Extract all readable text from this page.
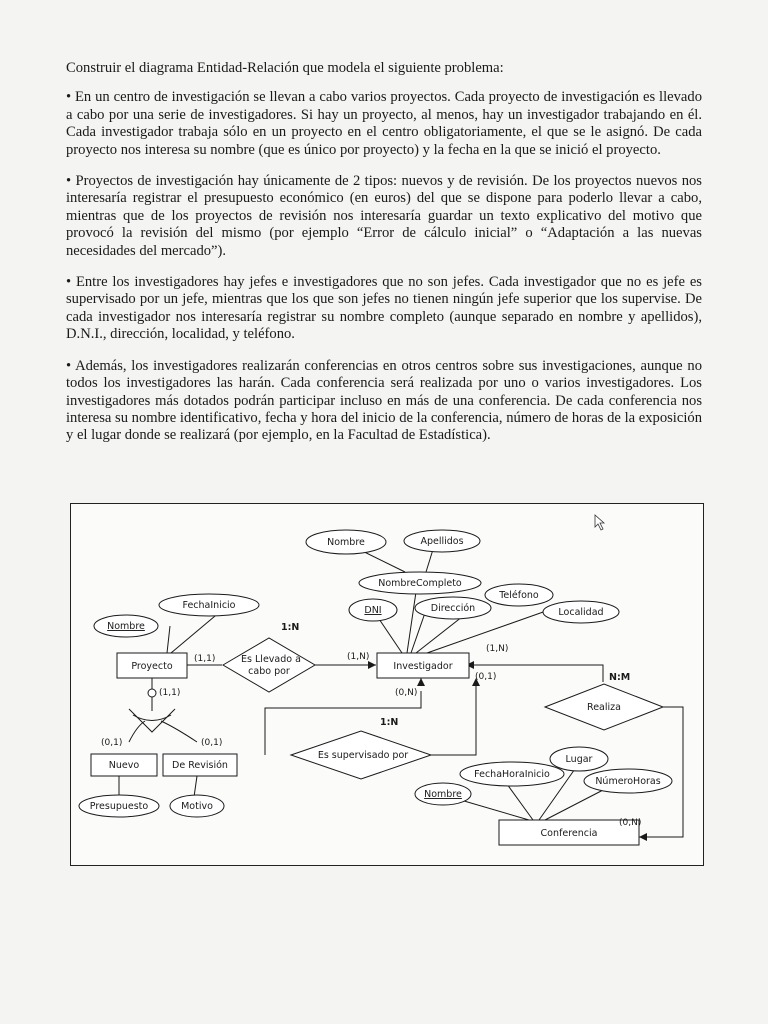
Construir el diagrama Entidad-Relación que modela el siguiente problema:

• En un centro de investigación se llevan a cabo varios proyectos. Cada proyecto de investigación es llevado a cabo por una serie de investigadores. Si hay un proyecto, al menos, hay un investigador trabajando en él. Cada investigador trabaja sólo en un proyecto en el centro obligatoriamente, el que se le asignó. De cada proyecto nos interesa su nombre (que es único por proyecto) y la fecha en la que se inició el proyecto.

• Proyectos de investigación hay únicamente de 2 tipos: nuevos y de revisión. De los proyectos nuevos nos interesaría registrar el presupuesto económico (en euros) del que se dispone para poderlo llevar a cabo, mientras que de los proyectos de revisión nos interesaría guardar un texto explicativo del motivo que provocó la revisión del mismo (por ejemplo “Error de cálculo inicial” o “Adaptación a las nuevas necesidades del mercado”).

• Entre los investigadores hay jefes e investigadores que no son jefes. Cada investigador que no es jefe es supervisado por un jefe, mientras que los que son jefes no tienen ningún jefe superior que los supervise. De cada investigador nos interesaría registrar su nombre completo (aunque separado en nombre y apellidos), D.N.I., dirección, localidad, y teléfono.

• Además, los investigadores realizarán conferencias en otros centros sobre sus investigaciones, aunque no todos los investigadores las harán. Cada conferencia será realizada por uno o varios investigadores. Los investigadores más dotados podrán participar incluso en más de una conferencia. De cada conferencia nos interesa su nombre identificativo, fecha y hora del inicio de la conferencia, número de horas de la exposición y el lugar donde se realizará (por ejemplo, en la Facultad de Estadística).

Nombre
FechaInicio
Nombre	Apellidos
NombreCompleto
DNI	Dirección
Teléfono
Localidad
Presupuesto	Motivo
Nombre
FechaHoraInicio
Lugar
NúmeroHoras
Proyecto	Investigador
Nuevo	De Revisión
Conferencia
Es Llevado a
cabo por
Es supervisado por
Realiza
(1,1)	(1,N)
1:N
(1,1)
(0,1)	(0,1)
(1,N)
(0,1)
(0,N)
1:N
N:M
(0,N)
